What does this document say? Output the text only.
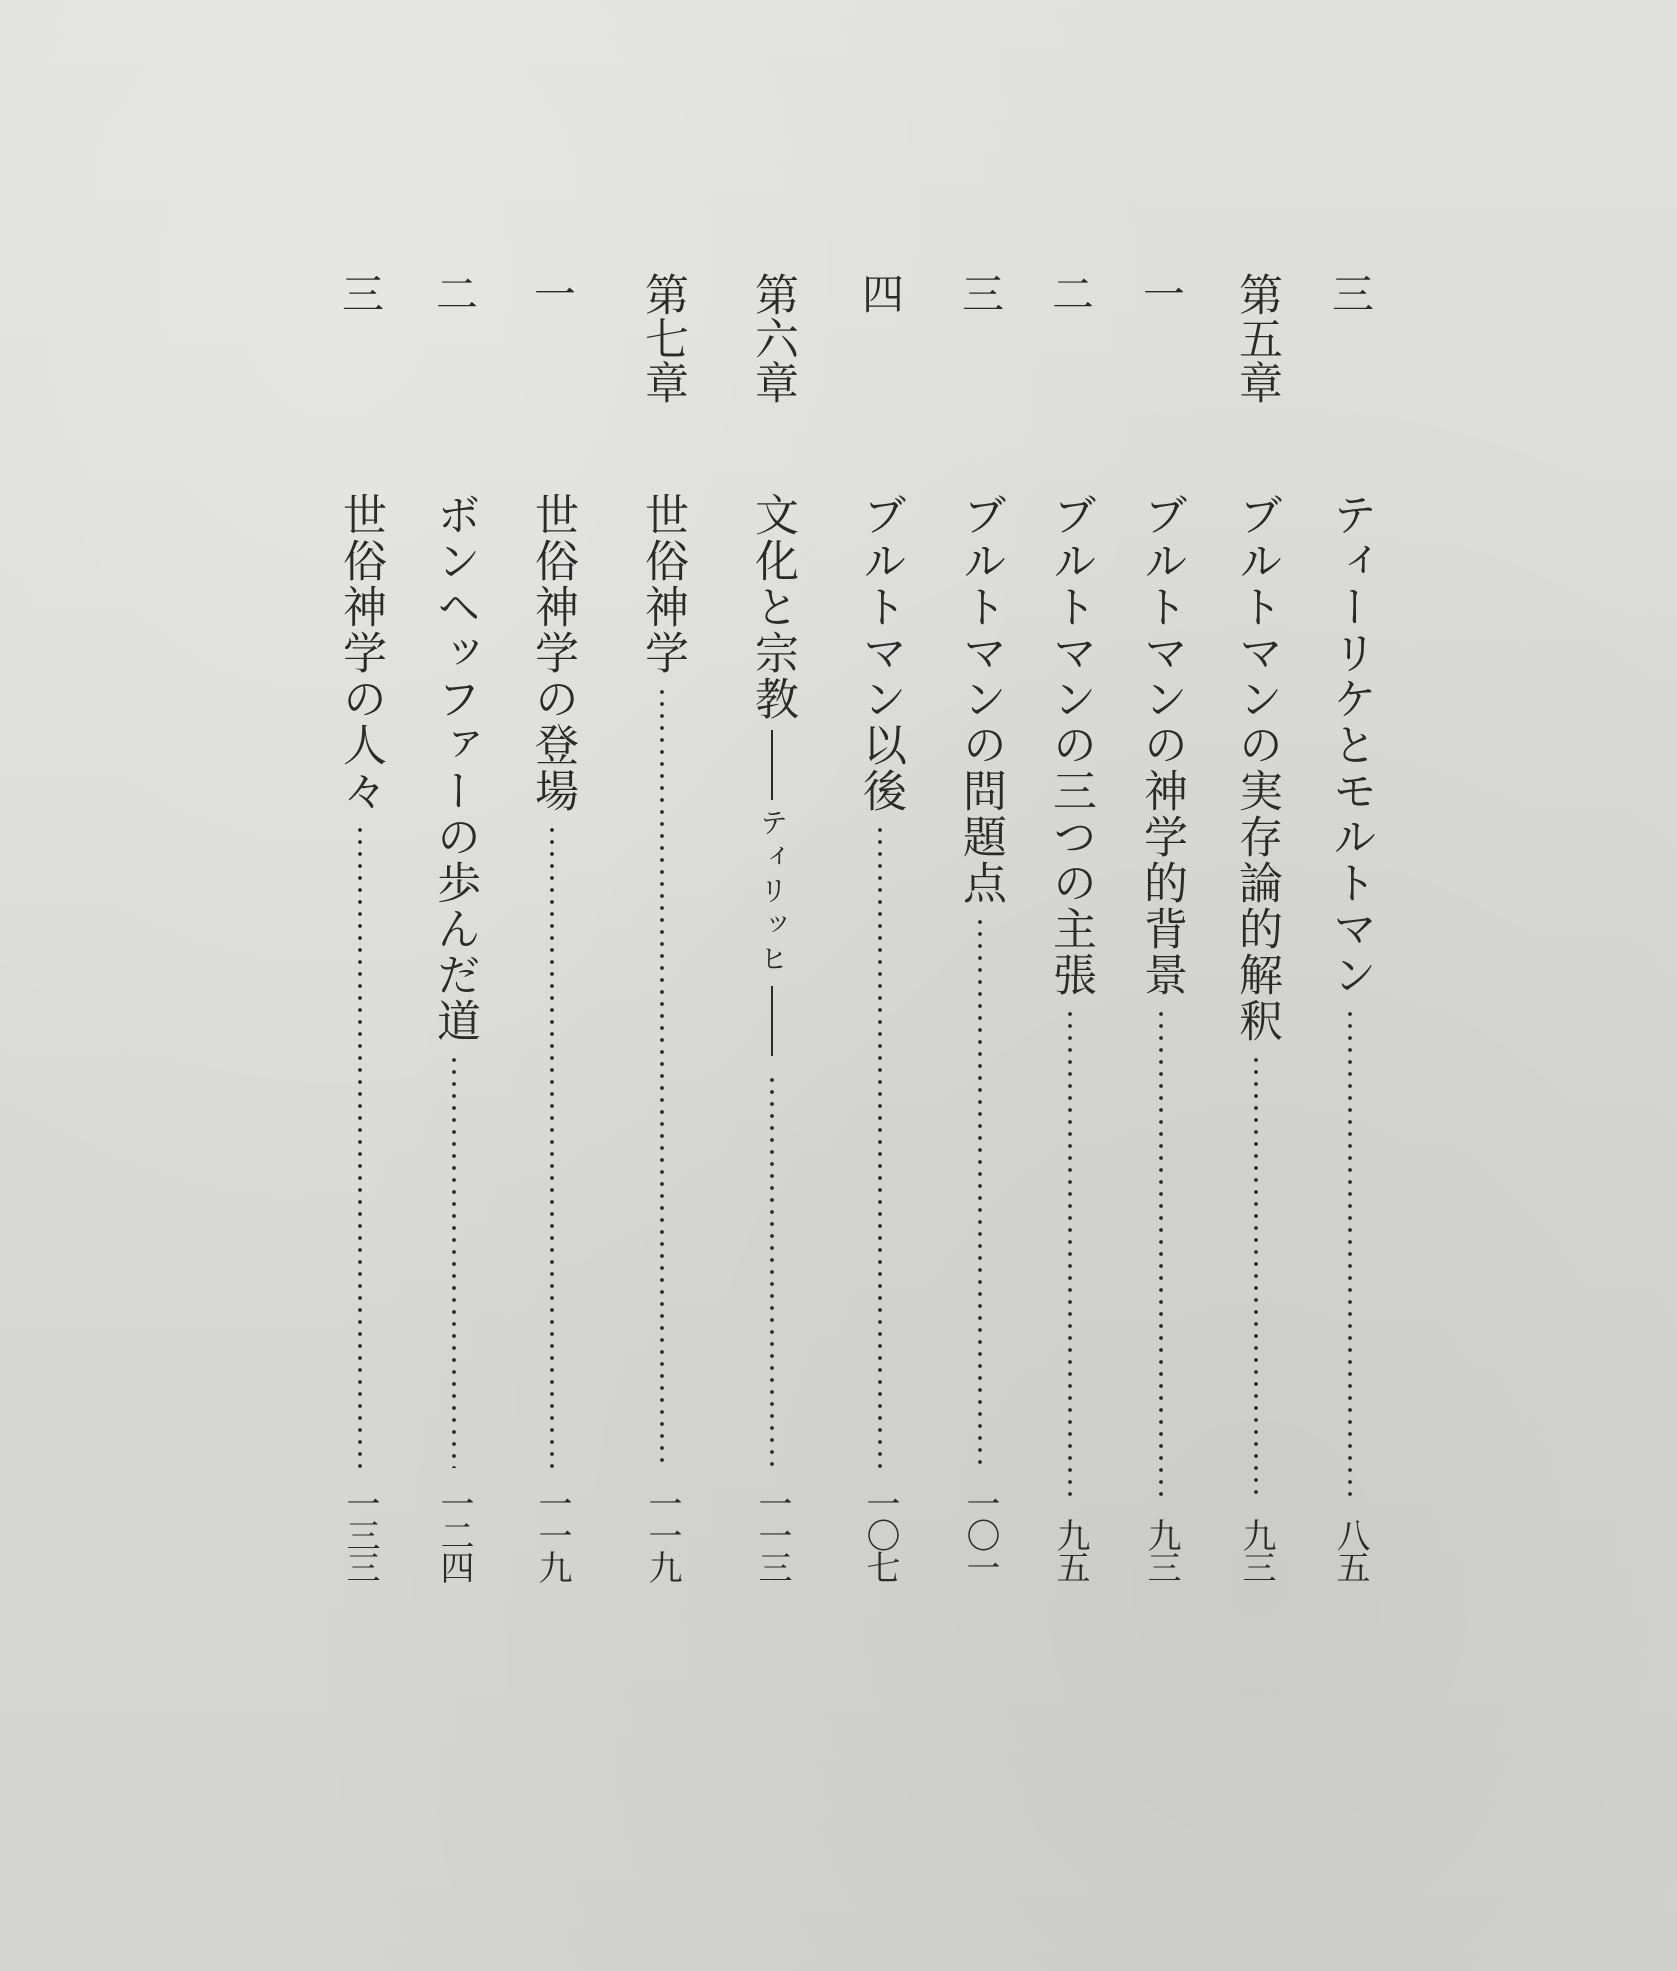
三
ティーリケとモルトマン
八五
第五章
ブルトマンの実存論的解釈
九三
一
ブルトマンの神学的背景
九三
二
ブルトマンの三つの主張
九五
三
ブルトマンの問題点
一〇一
四
ブルトマン以後
一〇七
第六章
文化と宗教
ティリッヒ
一一三
第七章
世俗神学
一一九
一
世俗神学の登場
一一九
二
ボンヘッファーの歩んだ道
一二四
三
世俗神学の人々
一三三
